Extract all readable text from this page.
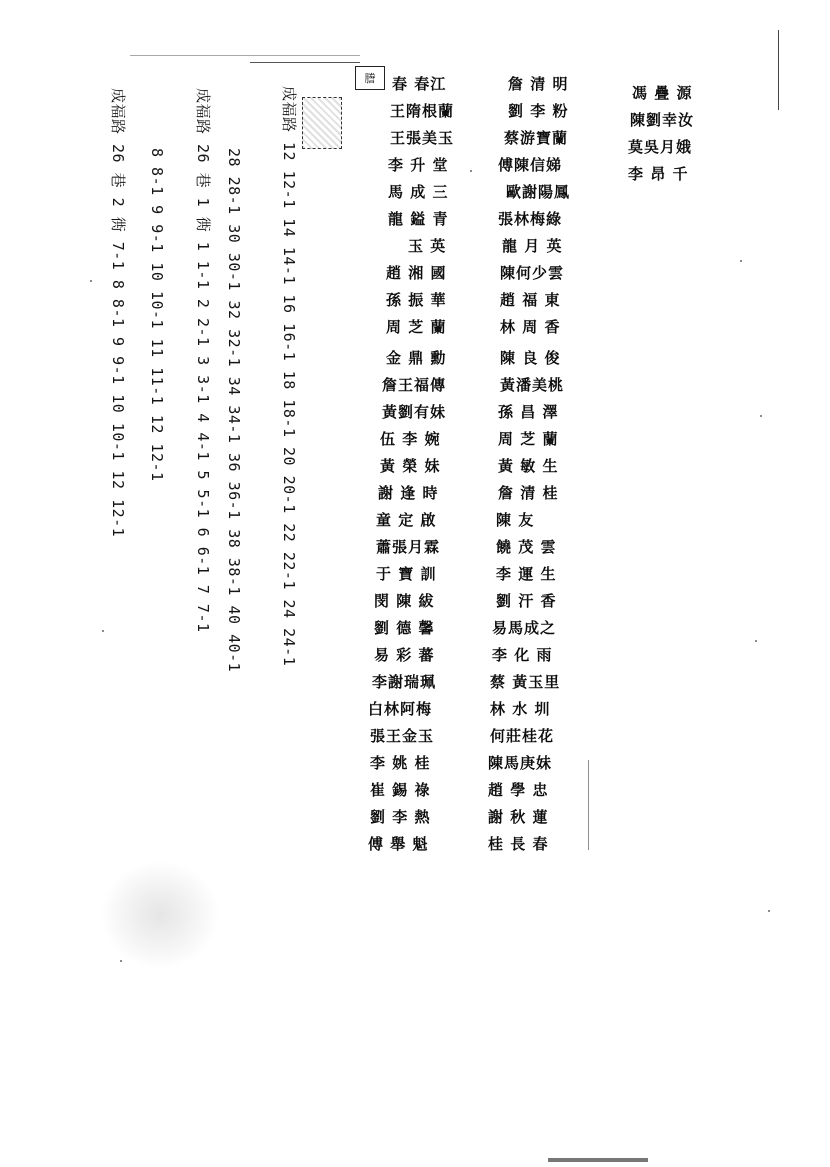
謄
成福路 12 12-1 14 14-1 16 16-1 18 18-1 20 20-1 22 22-1 24 24-1
28 28-1 30 30-1 32 32-1 34 34-1 36 36-1 38 38-1 40 40-1
成福路 26 巷 1 衖 1 1-1 2 2-1 3 3-1 4 4-1 5 5-1 6 6-1 7 7-1
8 8-1 9 9-1 10 10-1 11 11-1 12 12-1
成福路 26 巷 2 衖 7-1 8 8-1 9 9-1 10 10-1 12 12-1
春 春江
王隋根蘭
王張美玉
李 升 堂
馬 成 三
龍 鎰 青
玉 英
趙 湘 國
孫 振 華
周 芝 蘭
金 鼎 勳
詹王福傳
黃劉有妹
伍 李 婉
黃 榮 妹
謝 逢 時
童 定 啟
蕭張月霖
于 寶 訓
閔 陳 紱
劉 德 馨
易 彩 蕃
李謝瑞珮
白林阿梅
張王金玉
李 姚 桂
崔 錫 祿
劉 李 熱
傅 舉 魁
詹 清 明
劉 李 粉
蔡游寶蘭
傅陳信娣
歐謝陽鳳
張林梅綠
龍 月 英
陳何少雲
趙 福 東
林 周 香
陳 良 俊
黃潘美桃
孫 昌 澤
周 芝 蘭
黃 敏 生
詹 清 桂
陳 友
饒 茂 雲
李 運 生
劉 汗 香
易馬成之
李 化 雨
蔡 黃玉里
林 水 圳
何莊桂花
陳馬庚妹
趙 學 忠
謝 秋 蓮
桂 長 春
馮 疊 源
陳劉幸汝
莫吳月娥
李 昂 千
